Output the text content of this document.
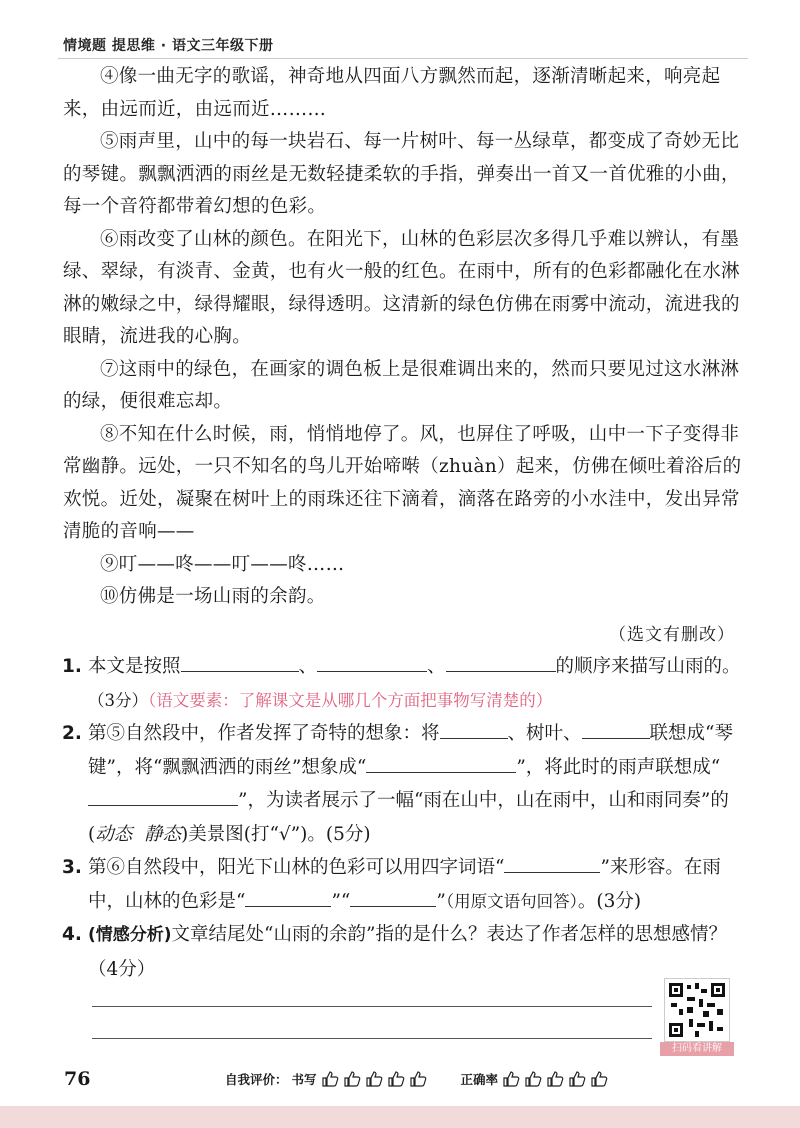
情境题 提思维 · 语文三年级下册

④像一曲无字的歌谣，神奇地从四面八方飘然而起，逐渐清晰起来，响亮起来，由远而近，由远而近………

⑤雨声里，山中的每一块岩石、每一片树叶、每一丛绿草，都变成了奇妙无比的琴键。飘飘洒洒的雨丝是无数轻捷柔软的手指，弹奏出一首又一首优雅的小曲，每一个音符都带着幻想的色彩。

⑥雨改变了山林的颜色。在阳光下，山林的色彩层次多得几乎难以辨认，有墨绿、翠绿，有淡青、金黄，也有火一般的红色。在雨中，所有的色彩都融化在水淋淋的嫩绿之中，绿得耀眼，绿得透明。这清新的绿色仿佛在雨雾中流动，流进我的眼睛，流进我的心胸。

⑦这雨中的绿色，在画家的调色板上是很难调出来的，然而只要见过这水淋淋的绿，便很难忘却。

⑧不知在什么时候，雨，悄悄地停了。风，也屏住了呼吸，山中一下子变得非常幽静。远处，一只不知名的鸟儿开始啼啭（zhuàn）起来，仿佛在倾吐着浴后的欢悦。近处，凝聚在树叶上的雨珠还往下滴着，滴落在路旁的小水洼中，发出异常清脆的音响——

⑨叮——咚——叮——咚……

⑩仿佛是一场山雨的余韵。

（选文有删改）
1. 本文是按照	、	、	的顺序来描写山雨的。
（3分）（语文要素：了解课文是从哪几个方面把事物写清楚的）
2. 第⑤自然段中，作者发挥了奇特的想象：将	、树叶、	联想成“琴键”，将“飘飘洒洒的雨丝”想象成“	”，将此时的雨声联想成“”，为读者展示了一幅“雨在山中，山在雨中，山和雨同奏”的(动态 静态)美景图(打“√”)。(5分)
3. 第⑥自然段中，阳光下山林的色彩可以用四字词语“	”来形容。在雨中，山林的色彩是“	”“	”（用原文语句回答）。(3分)
4. (情感分析)文章结尾处“山雨的余韵”指的是什么？表达了作者怎样的思想感情？（4分）
扫码看讲解
76	自我评价： 书写	正确率
